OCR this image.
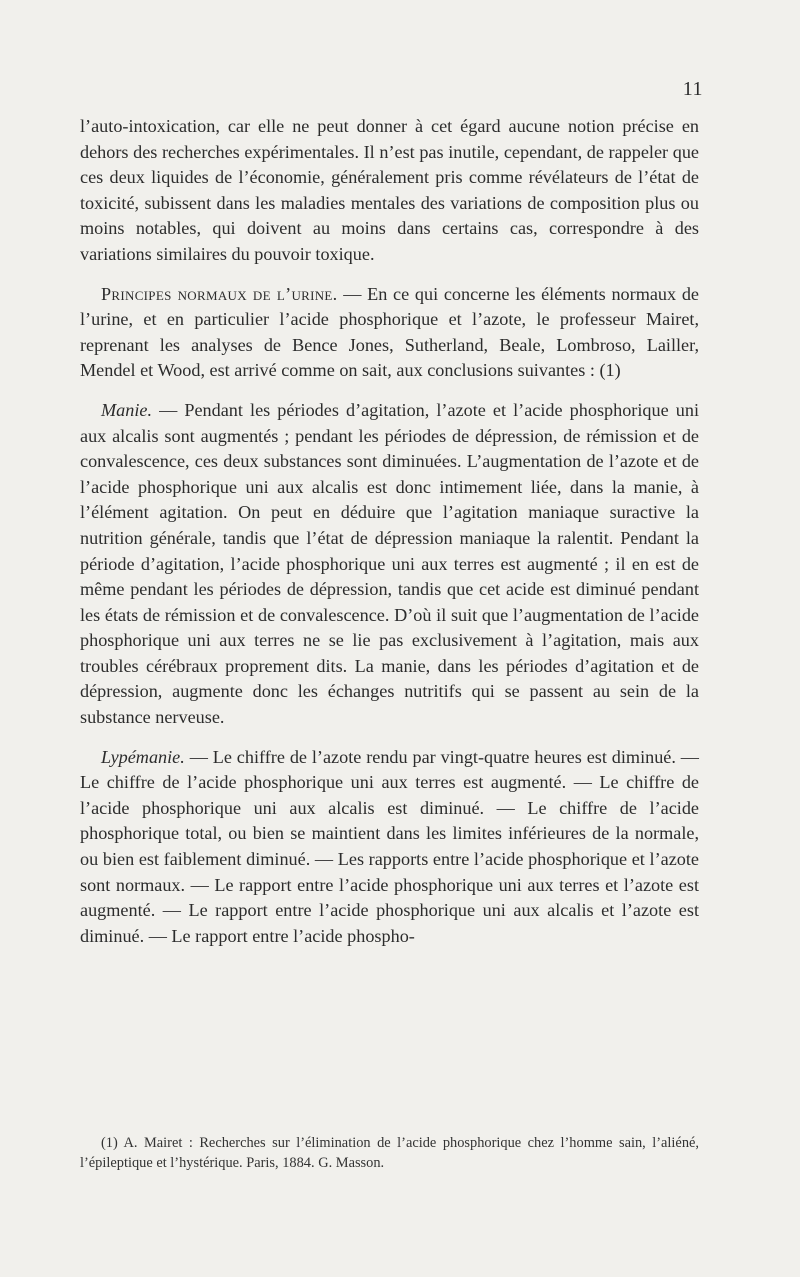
11

l’auto-intoxication, car elle ne peut donner à cet égard aucune notion précise en dehors des recherches expérimentales. Il n’est pas inutile, cependant, de rappeler que ces deux liquides de l’économie, généralement pris comme révélateurs de l’état de toxicité, subissent dans les maladies mentales des variations de composition plus ou moins notables, qui doivent au moins dans certains cas, correspondre à des variations similaires du pouvoir toxique.

Principes normaux de l’urine. — En ce qui concerne les éléments normaux de l’urine, et en particulier l’acide phosphorique et l’azote, le professeur Mairet, reprenant les analyses de Bence Jones, Sutherland, Beale, Lombroso, Lailler, Mendel et Wood, est arrivé comme on sait, aux conclusions suivantes : (1)

Manie. — Pendant les périodes d’agitation, l’azote et l’acide phosphorique uni aux alcalis sont augmentés ; pendant les périodes de dépression, de rémission et de convalescence, ces deux substances sont diminuées. L’augmentation de l’azote et de l’acide phosphorique uni aux alcalis est donc intimement liée, dans la manie, à l’élément agitation. On peut en déduire que l’agitation maniaque suractive la nutrition générale, tandis que l’état de dépression maniaque la ralentit. Pendant la période d’agitation, l’acide phosphorique uni aux terres est augmenté ; il en est de même pendant les périodes de dépression, tandis que cet acide est diminué pendant les états de rémission et de convalescence. D’où il suit que l’augmentation de l’acide phosphorique uni aux terres ne se lie pas exclusivement à l’agitation, mais aux troubles cérébraux proprement dits. La manie, dans les périodes d’agitation et de dépression, augmente donc les échanges nutritifs qui se passent au sein de la substance nerveuse.

Lypémanie. — Le chiffre de l’azote rendu par vingt-quatre heures est diminué. — Le chiffre de l’acide phosphorique uni aux terres est augmenté. — Le chiffre de l’acide phosphorique uni aux alcalis est diminué. — Le chiffre de l’acide phosphorique total, ou bien se maintient dans les limites inférieures de la normale, ou bien est faiblement diminué. — Les rapports entre l’acide phosphorique et l’azote sont normaux. — Le rapport entre l’acide phosphorique uni aux terres et l’azote est augmenté. — Le rapport entre l’acide phosphorique uni aux alcalis et l’azote est diminué. — Le rapport entre l’acide phospho-

(1) A. Mairet : Recherches sur l’élimination de l’acide phosphorique chez l’homme sain, l’aliéné, l’épileptique et l’hystérique. Paris, 1884. G. Masson.
